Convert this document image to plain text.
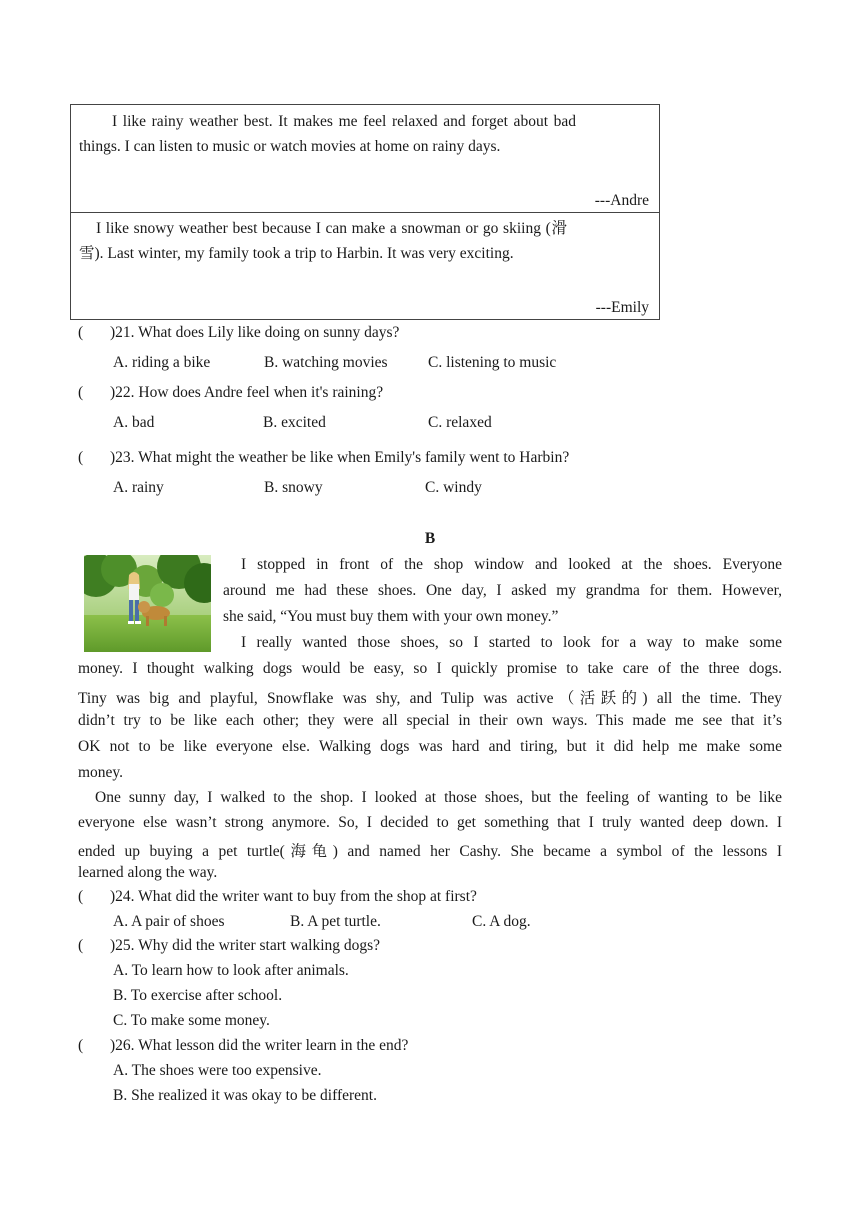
I like rainy weather best. It makes me feel relaxed and forget about bad things. I can listen to music or watch movies at home on rainy days.
---Andre
I like snowy weather best because I can make a snowman or go skiing (滑雪). Last winter, my family took a trip to Harbin. It was very exciting.
---Emily
( )21. What does Lily like doing on sunny days?
A. riding a bike	B. watching movies	C. listening to music
( )22. How does Andre feel when it's raining?
A. bad	B. excited	C. relaxed
( )23. What might the weather be like when Emily's family went to Harbin?
A. rainy	B. snowy	C. windy
B
I stopped in front of the shop window and looked at the shoes. Everyone
around me had these shoes. One day, I asked my grandma for them. However,
she said, “You must buy them with your own money.”
I really wanted those shoes, so I started to look for a way to make some
money. I thought walking dogs would be easy, so I quickly promise to take care of the three dogs.
Tiny was big and playful, Snowflake was shy, and Tulip was active（活跃的) all the time. They
didn’t try to be like each other; they were all special in their own ways. This made me see that it’s
OK not to be like everyone else. Walking dogs was hard and tiring, but it did help me make some
money.
One sunny day, I walked to the shop. I looked at those shoes, but the feeling of wanting to be like
everyone else wasn’t strong anymore. So, I decided to get something that I truly wanted deep down. I
ended up buying a pet turtle(海龟) and named her Cashy. She became a symbol of the lessons I
learned along the way.
( )24. What did the writer want to buy from the shop at first?
A. A pair of shoes	B. A pet turtle.	C. A dog.
( )25. Why did the writer start walking dogs?
A. To learn how to look after animals.
B. To exercise after school.
C. To make some money.
( )26. What lesson did the writer learn in the end?
A. The shoes were too expensive.
B. She realized it was okay to be different.
